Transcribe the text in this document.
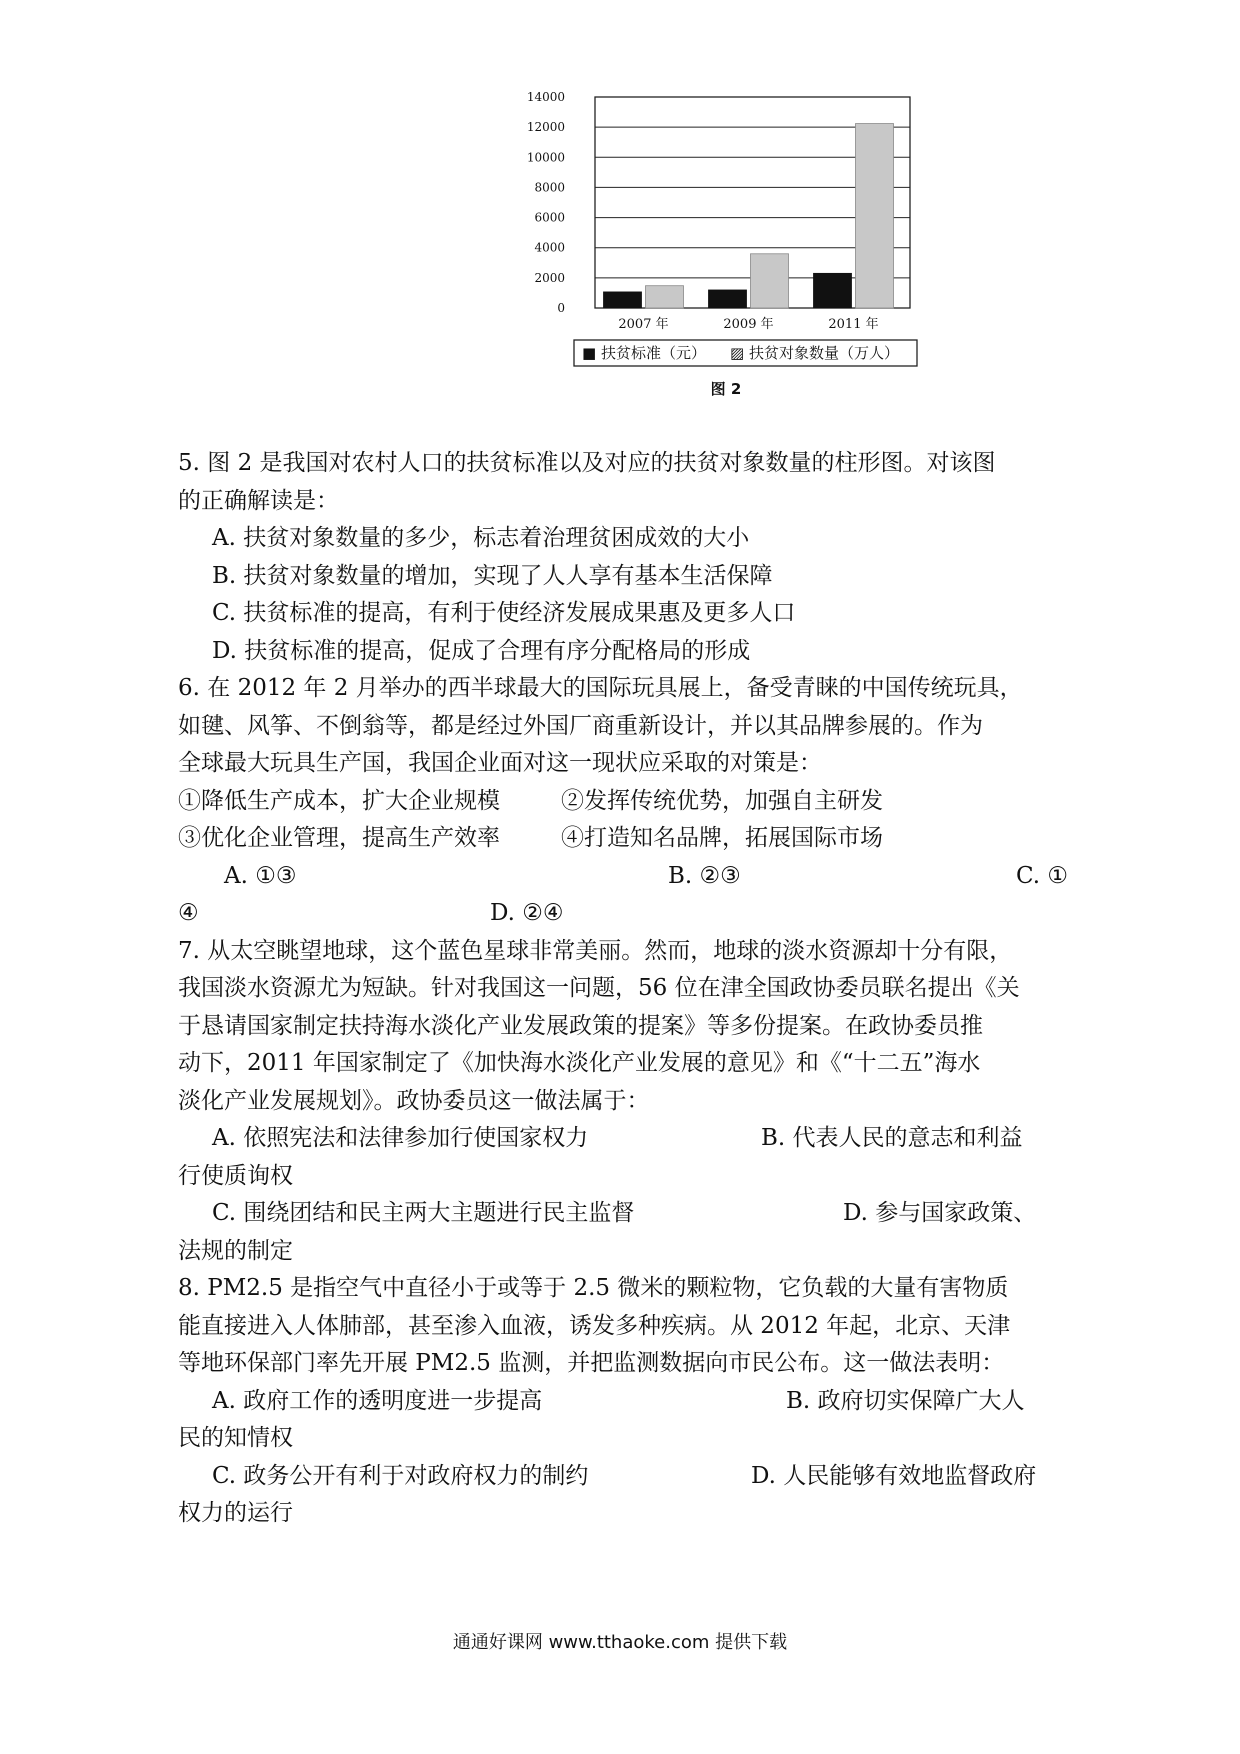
0
2000
4000
6000
8000
10000
12000
14000
2007 年	2009 年	2011 年
■ 扶贫标准（元） ▨ 扶贫对象数量（万人）
图 2
5. 图 2 是我国对农村人口的扶贫标准以及对应的扶贫对象数量的柱形图。对该图
的正确解读是：
A. 扶贫对象数量的多少，标志着治理贫困成效的大小
B. 扶贫对象数量的增加，实现了人人享有基本生活保障
C. 扶贫标准的提高，有利于使经济发展成果惠及更多人口
D. 扶贫标准的提高，促成了合理有序分配格局的形成
6. 在 2012 年 2 月举办的西半球最大的国际玩具展上，备受青睐的中国传统玩具，
如毽、风筝、不倒翁等，都是经过外国厂商重新设计，并以其品牌参展的。作为
全球最大玩具生产国，我国企业面对这一现状应采取的对策是：
①降低生产成本，扩大企业规模	②发挥传统优势，加强自主研发
③优化企业管理，提高生产效率	④打造知名品牌，拓展国际市场
A. ①③	B. ②③	C. ①
④	D. ②④
7. 从太空眺望地球，这个蓝色星球非常美丽。然而，地球的淡水资源却十分有限，
我国淡水资源尤为短缺。针对我国这一问题，56 位在津全国政协委员联名提出《关
于恳请国家制定扶持海水淡化产业发展政策的提案》等多份提案。在政协委员推
动下，2011 年国家制定了《加快海水淡化产业发展的意见》和《“十二五”海水
淡化产业发展规划》。政协委员这一做法属于：
A. 依照宪法和法律参加行使国家权力	B. 代表人民的意志和利益
行使质询权
C. 围绕团结和民主两大主题进行民主监督	D. 参与国家政策、
法规的制定
8. PM2.5 是指空气中直径小于或等于 2.5 微米的颗粒物，它负载的大量有害物质
能直接进入人体肺部，甚至渗入血液，诱发多种疾病。从 2012 年起，北京、天津
等地环保部门率先开展 PM2.5 监测，并把监测数据向市民公布。这一做法表明：
A. 政府工作的透明度进一步提高	B. 政府切实保障广大人
民的知情权
C. 政务公开有利于对政府权力的制约	D. 人民能够有效地监督政府
权力的运行
通通好课网 www.tthaoke.com 提供下载
